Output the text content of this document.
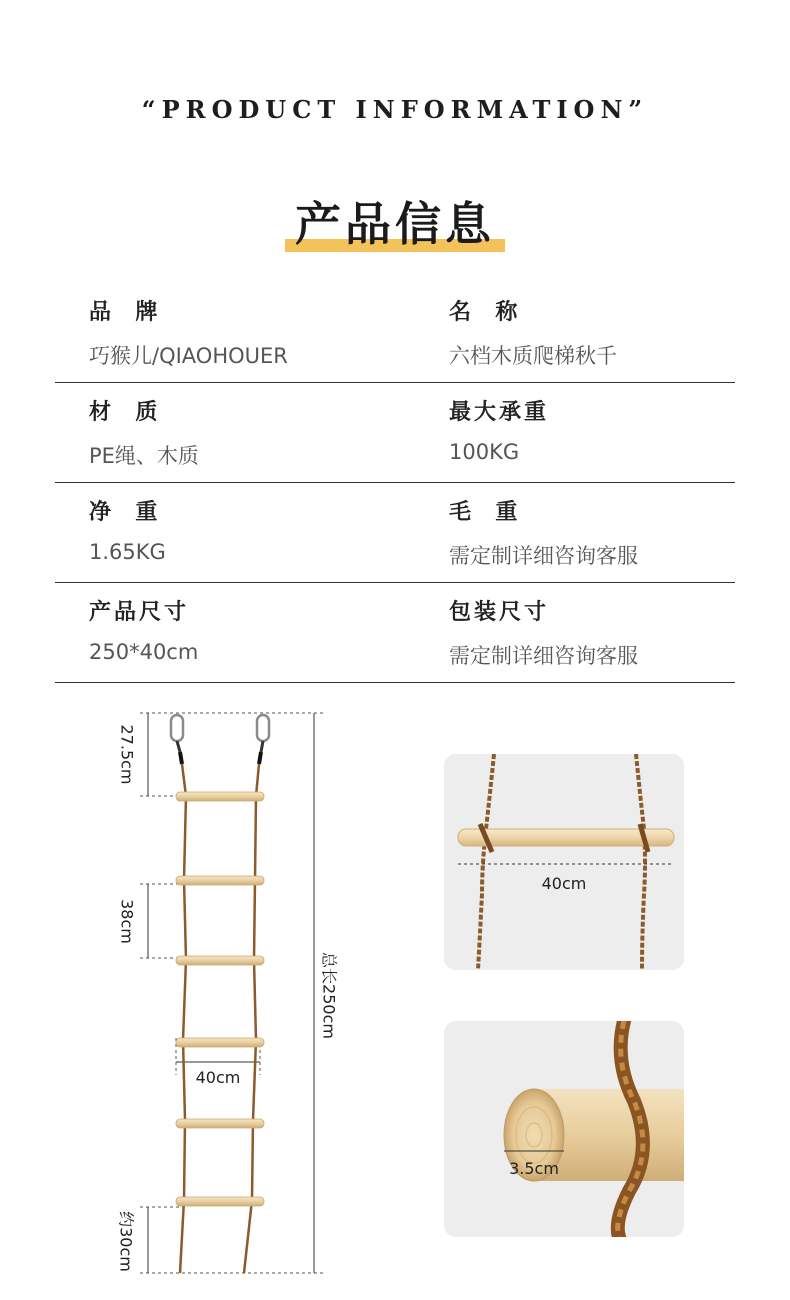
“PRODUCT INFORMATION”
产品信息
品  牌
巧猴儿/QIAOHOUER
名  称
六档木质爬梯秋千
材  质
PE绳、木质
最大承重
100KG
净  重
1.65KG
毛  重
需定制详细咨询客服
产品尺寸
250*40cm
包装尺寸
需定制详细咨询客服
27.5cm
38cm
约30cm
总长250cm
40cm
40cm
3.5cm
